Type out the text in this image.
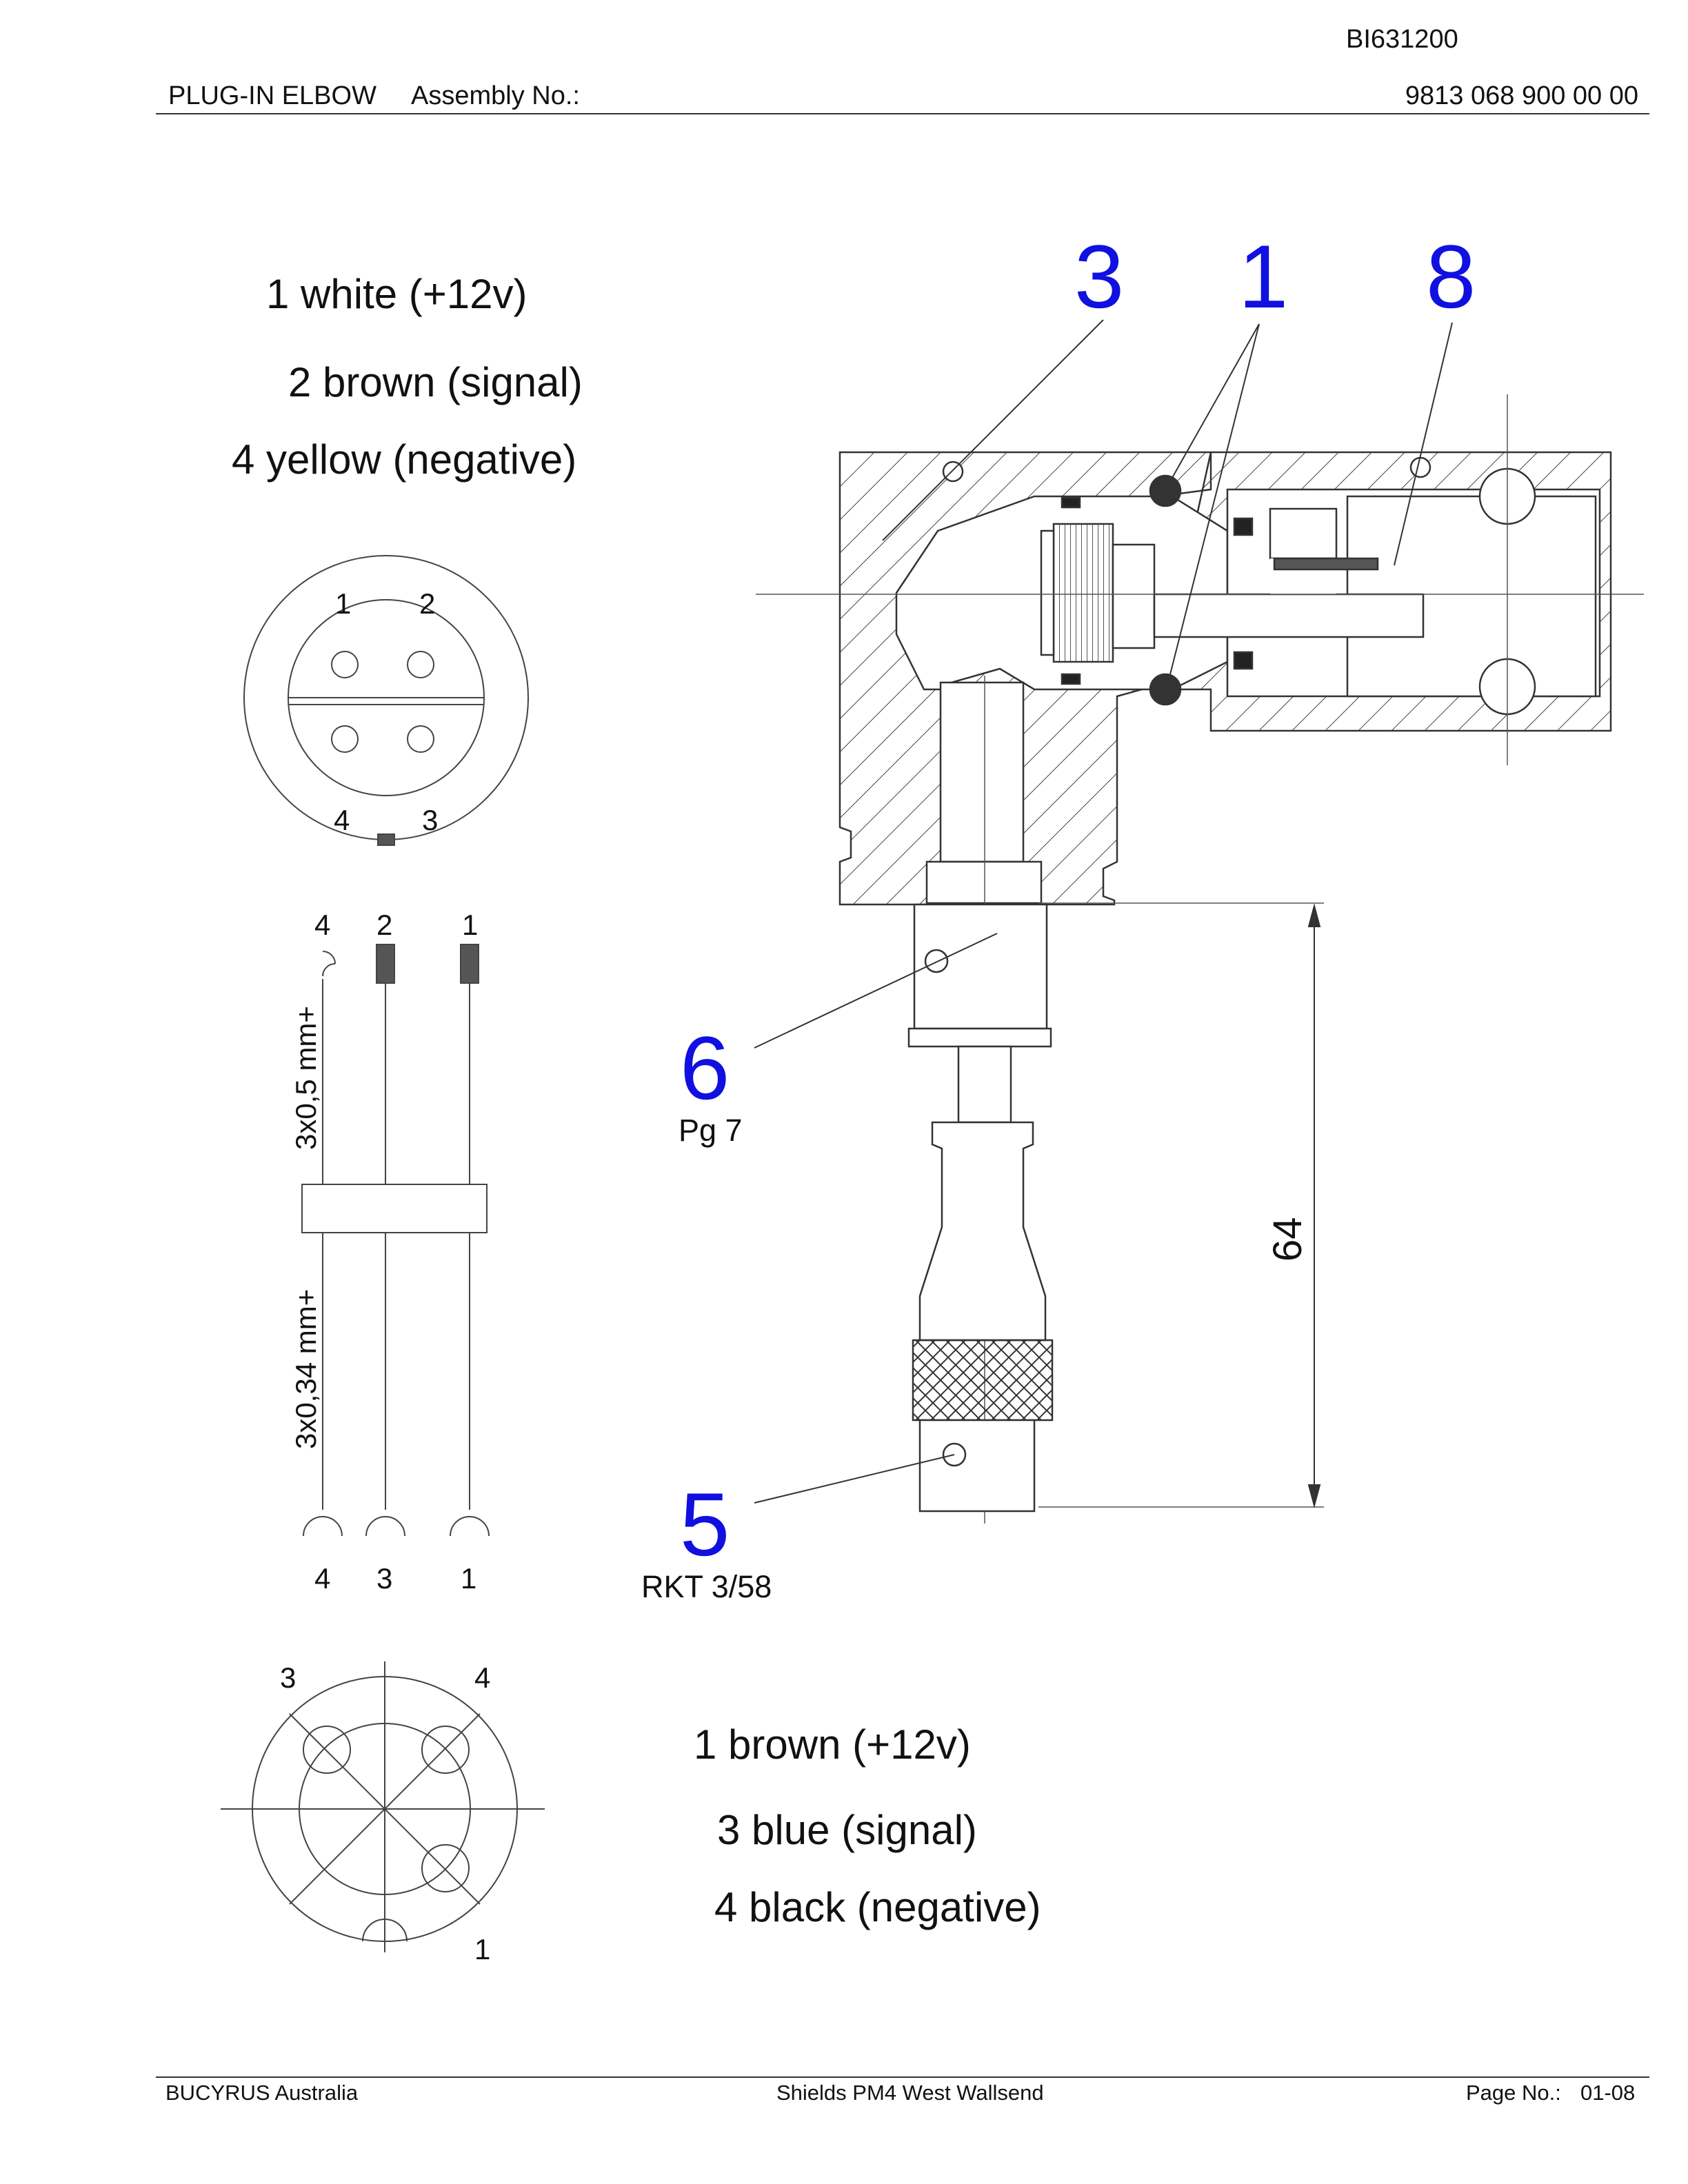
BI631200
PLUG-IN ELBOW Assembly No.:	9813 068 900 00 00
1 white (+12v)
2 brown (signal)
4 yellow (negative)
1 2
4 3
4 2 1
3x0,5 mm+
3x0,34 mm+
4 3 1
3	4
1
3 1 8
6
Pg 7
5
RKT 3/58
64
1 brown (+12v)
3 blue (signal)
4 black (negative)
BUCYRUS Australia	Shields PM4 West Wallsend	Page No.: 01-08
